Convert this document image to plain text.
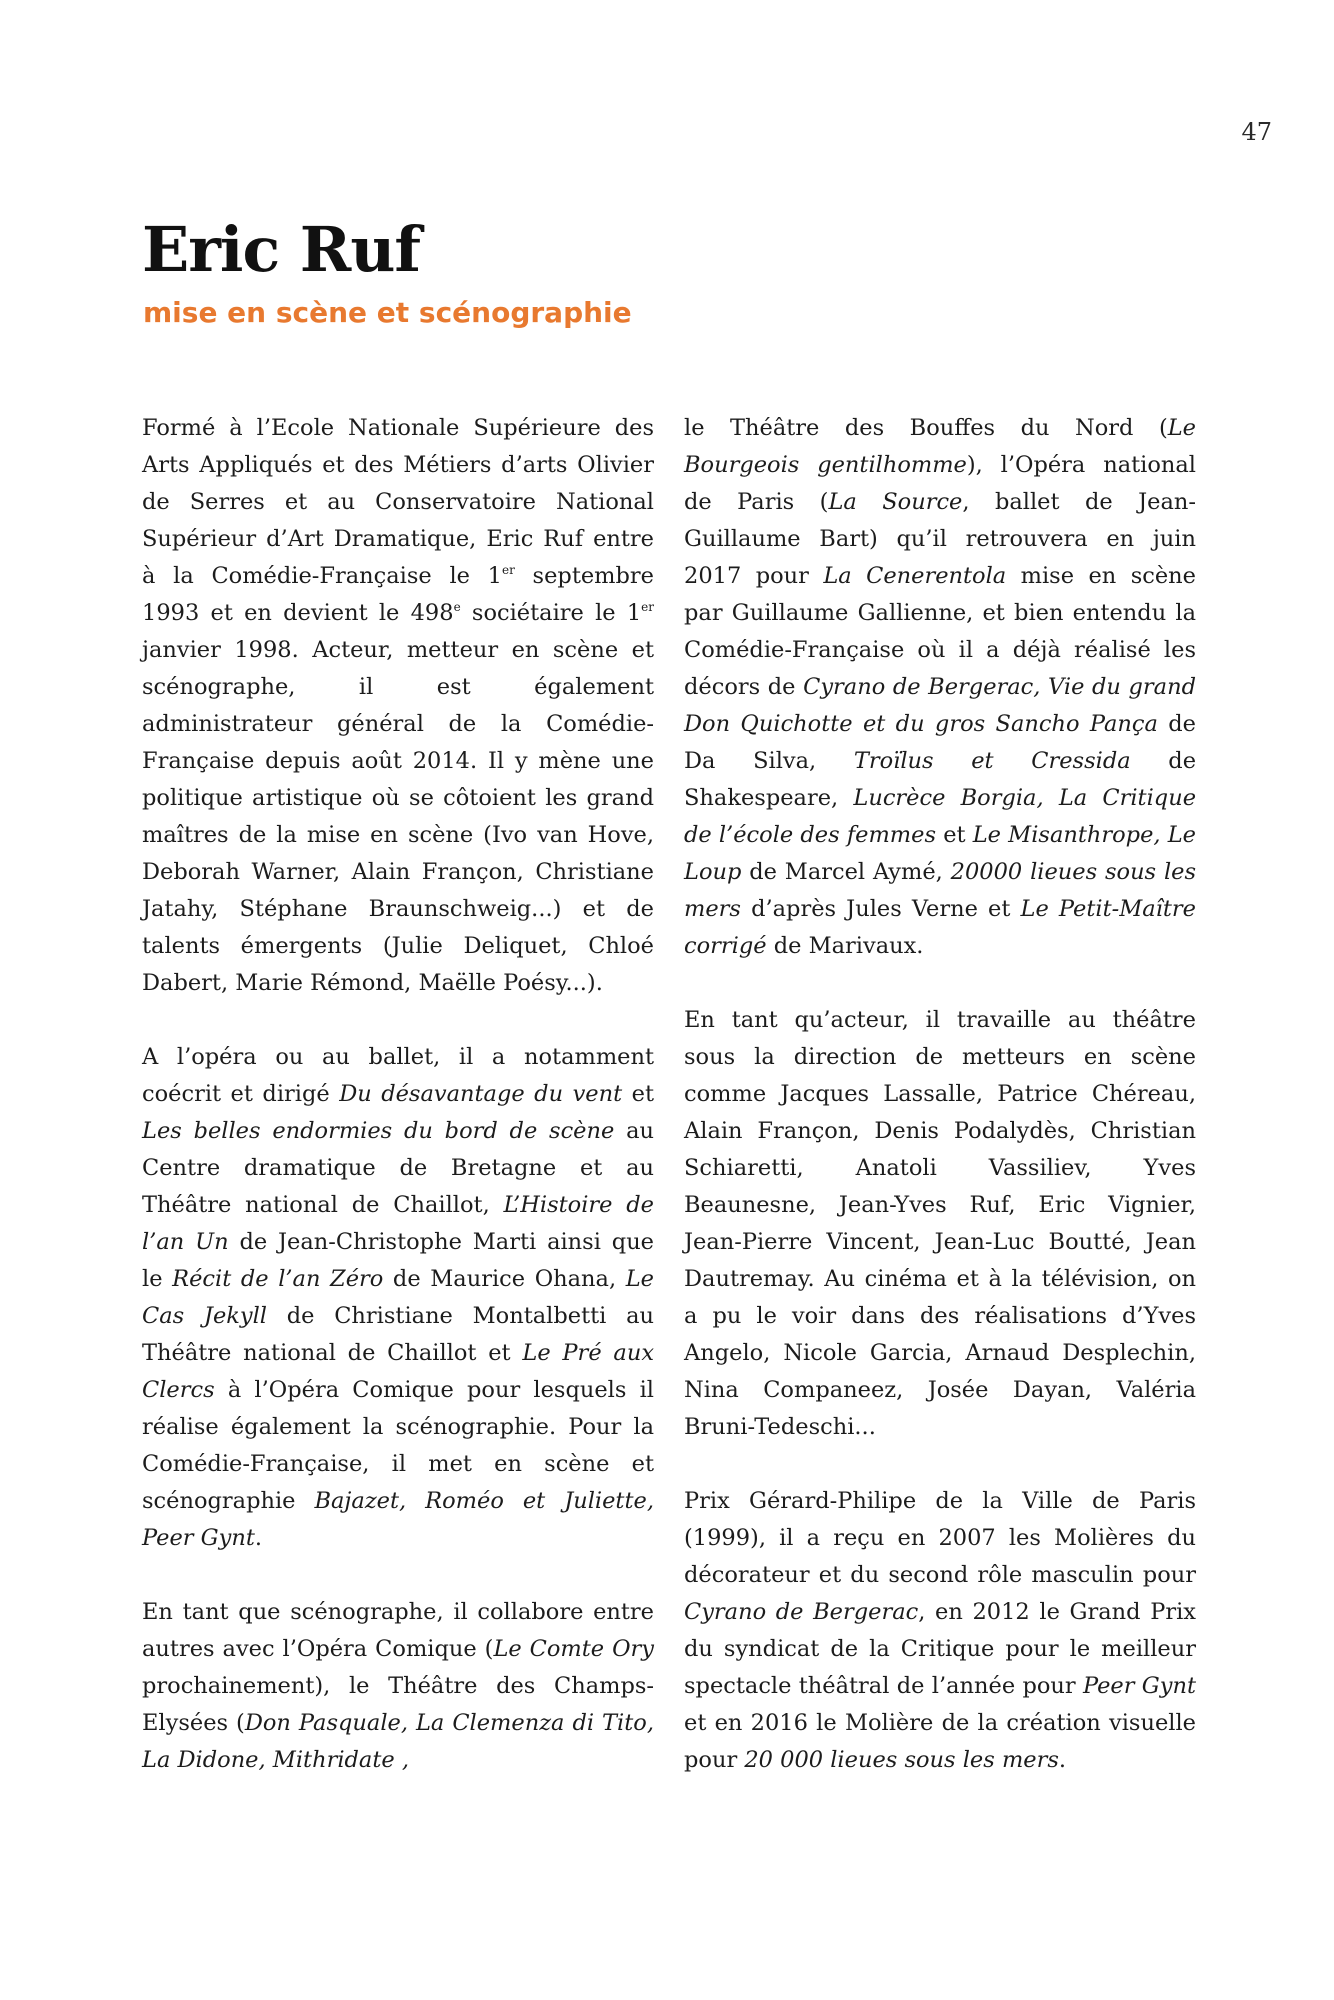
47
Eric Ruf
mise en scène et scénographie

Formé à l’Ecole Nationale Supérieure des Arts Appliqués et des Métiers d’arts Olivier de Serres et au Conservatoire National Supérieur d’Art Dramatique, Eric Ruf entre à la Comédie-Française le 1er septembre 1993 et en devient le 498e sociétaire le 1er janvier 1998. Acteur, metteur en scène et scénographe, il est également administrateur général de la Comédie-Française depuis août 2014. Il y mène une politique artistique où se côtoient les grand maîtres de la mise en scène (Ivo van Hove, Deborah Warner, Alain Françon, Christiane Jatahy, Stéphane Braunschweig...) et de talents émergents (Julie Deliquet, Chloé Dabert, Marie Rémond, Maëlle Poésy...).

A l’opéra ou au ballet, il a notamment coécrit et dirigé Du désavantage du vent et Les belles endormies du bord de scène au Centre dramatique de Bretagne et au Théâtre national de Chaillot, L’Histoire de l’an Un de Jean-Christophe Marti ainsi que le Récit de l’an Zéro de Maurice Ohana, Le Cas Jekyll de Christiane Montalbetti au Théâtre national de Chaillot et Le Pré aux Clercs à l’Opéra Comique pour lesquels il réalise également la scénographie. Pour la Comédie-Française, il met en scène et scénographie Bajazet, Roméo et Juliette, Peer Gynt.

En tant que scénographe, il collabore entre autres avec l’Opéra Comique (Le Comte Ory prochainement), le Théâtre des Champs-Elysées (Don Pasquale, La Clemenza di Tito, La Didone, Mithridate ,

le Théâtre des Bouffes du Nord (Le Bourgeois gentilhomme), l’Opéra national de Paris (La Source, ballet de Jean-Guillaume Bart) qu’il retrouvera en juin 2017 pour La Cenerentola mise en scène par Guillaume Gallienne, et bien entendu la Comédie-Française où il a déjà réalisé les décors de Cyrano de Bergerac, Vie du grand Don Quichotte et du gros Sancho Pança de Da Silva, Troïlus et Cressida de Shakespeare, Lucrèce Borgia, La Critique de l’école des femmes et Le Misanthrope, Le Loup de Marcel Aymé, 20000 lieues sous les mers d’après Jules Verne et Le Petit-Maître corrigé de Marivaux.

En tant qu’acteur, il travaille au théâtre sous la direction de metteurs en scène comme Jacques Lassalle, Patrice Chéreau, Alain Françon, Denis Podalydès, Christian Schiaretti, Anatoli Vassiliev, Yves Beaunesne, Jean-Yves Ruf, Eric Vignier, Jean-Pierre Vincent, Jean-Luc Boutté, Jean Dautremay. Au cinéma et à la télévision, on a pu le voir dans des réalisations d’Yves Angelo, Nicole Garcia, Arnaud Desplechin, Nina Companeez, Josée Dayan, Valéria Bruni-Tedeschi...

Prix Gérard-Philipe de la Ville de Paris (1999), il a reçu en 2007 les Molières du décorateur et du second rôle masculin pour Cyrano de Bergerac, en 2012 le Grand Prix du syndicat de la Critique pour le meilleur spectacle théâtral de l’année pour Peer Gynt et en 2016 le Molière de la création visuelle pour 20 000 lieues sous les mers.
